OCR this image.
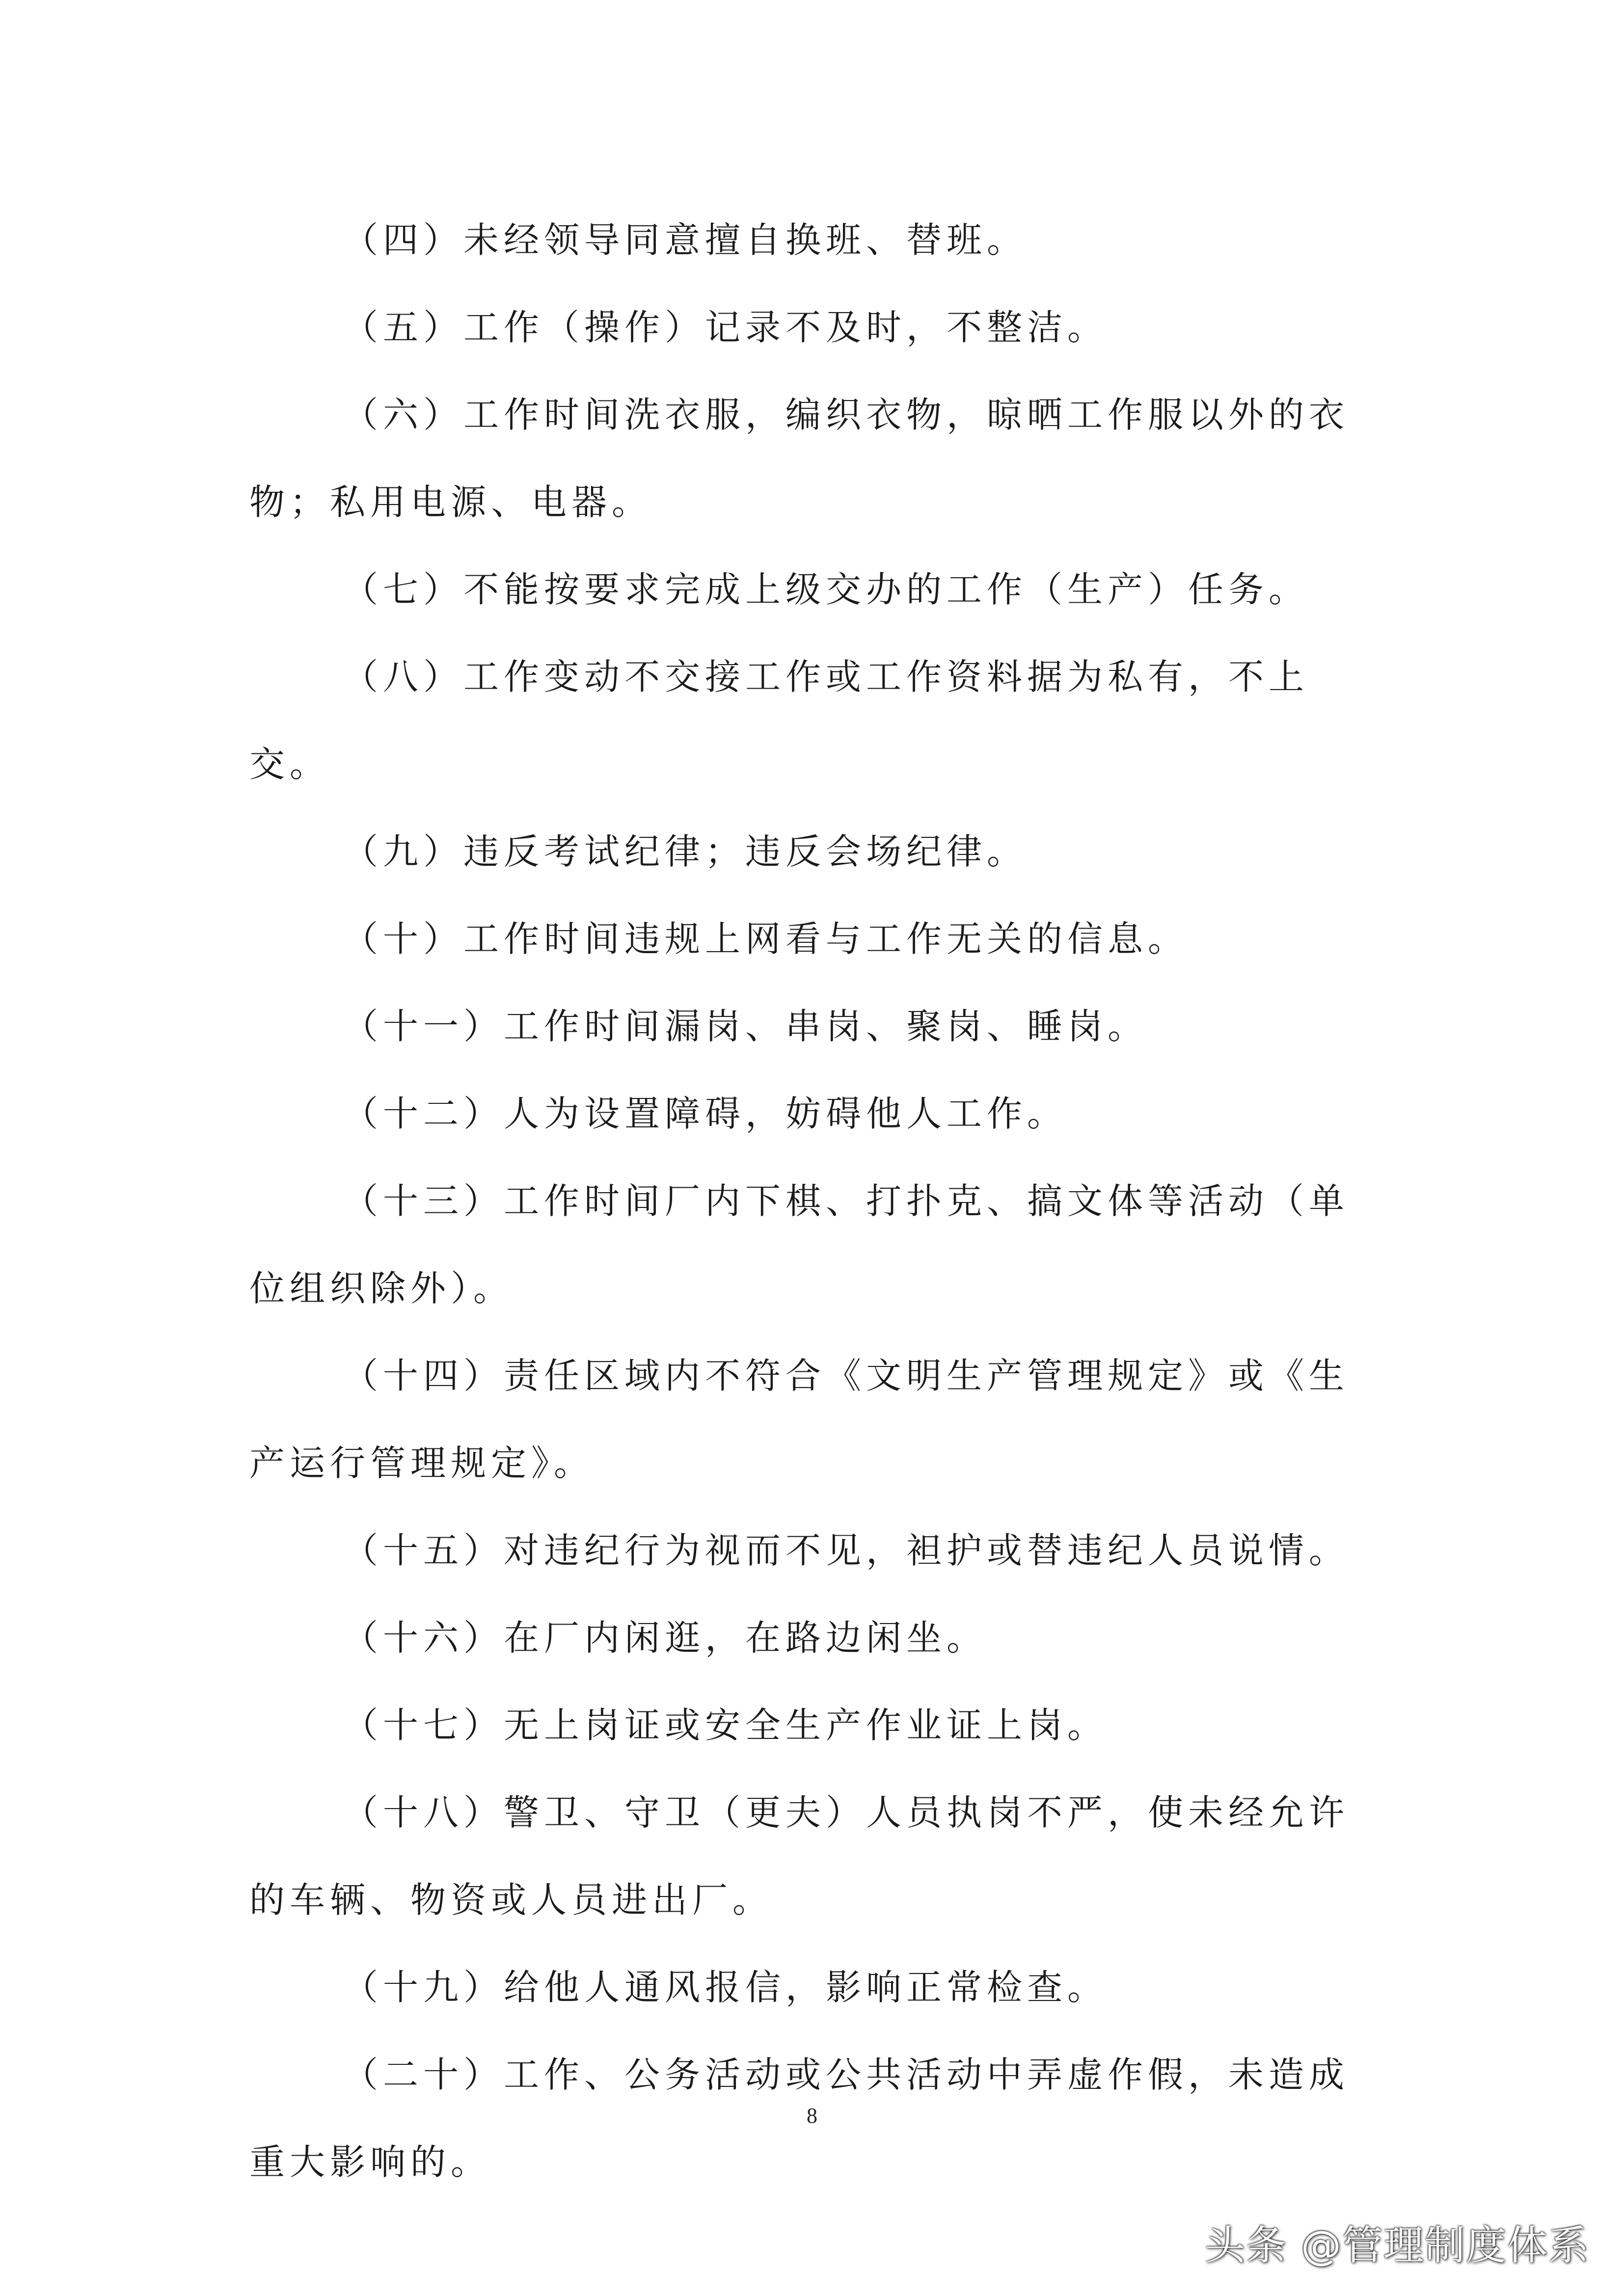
（四）未经领导同意擅自换班、替班。

（五）工作（操作）记录不及时，不整洁。

（六）工作时间洗衣服，编织衣物，晾晒工作服以外的衣物；私用电源、电器。

（七）不能按要求完成上级交办的工作（生产）任务。

（八）工作变动不交接工作或工作资料据为私有，不上交。

（九）违反考试纪律；违反会场纪律。

（十）工作时间违规上网看与工作无关的信息。

（十一）工作时间漏岗、串岗、聚岗、睡岗。

（十二）人为设置障碍，妨碍他人工作。

（十三）工作时间厂内下棋、打扑克、搞文体等活动（单位组织除外）。

（十四）责任区域内不符合《文明生产管理规定》或《生产运行管理规定》。

（十五）对违纪行为视而不见，袒护或替违纪人员说情。

（十六）在厂内闲逛，在路边闲坐。

（十七）无上岗证或安全生产作业证上岗。

（十八）警卫、守卫（更夫）人员执岗不严，使未经允许的车辆、物资或人员进出厂。

（十九）给他人通风报信，影响正常检查。

（二十）工作、公务活动或公共活动中弄虚作假，未造成重大影响的。

8
头条 @管理制度体系
